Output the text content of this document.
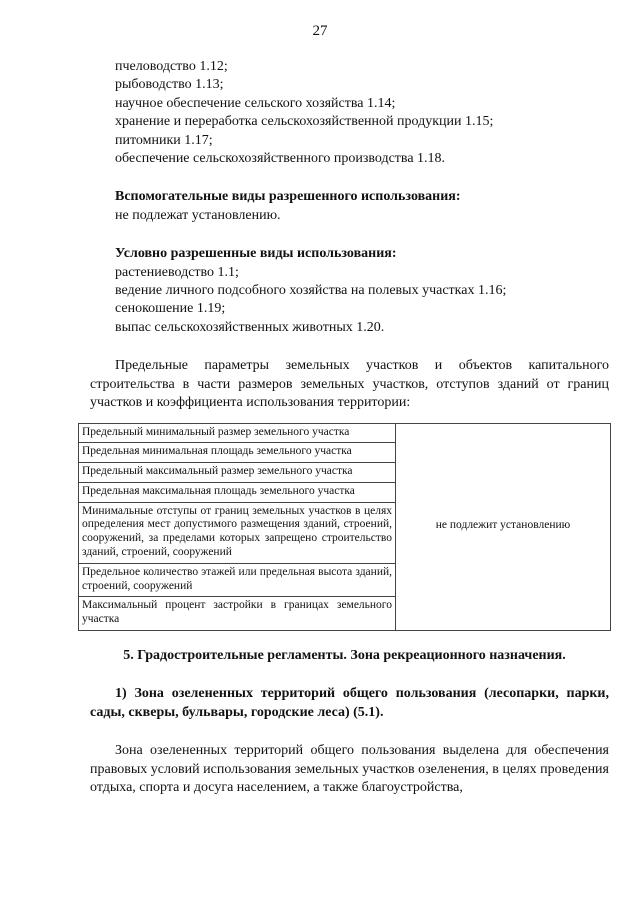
27
пчеловодство 1.12;
рыбоводство 1.13;
научное обеспечение сельского хозяйства 1.14;
хранение и переработка сельскохозяйственной продукции 1.15;
питомники 1.17;
обеспечение сельскохозяйственного производства 1.18.
Вспомогательные виды разрешенного использования:
не подлежат установлению.
Условно разрешенные виды использования:
растениеводство 1.1;
ведение личного подсобного хозяйства на полевых участках 1.16;
сенокошение 1.19;
выпас сельскохозяйственных животных 1.20.
Предельные параметры земельных участков и объектов капитального строительства в части размеров земельных участков, отступов зданий от границ участков и коэффициента использования территории:
Предельный минимальный размер земельного участка	не подлежит установлению
Предельная минимальная площадь земельного участка
Предельный максимальный размер земельного участка
Предельная максимальная площадь земельного участка
Минимальные отступы от границ земельных участков в целях определения мест допустимого размещения зданий, строений, сооружений, за пределами которых запрещено строительство зданий, строений, сооружений
Предельное количество этажей или предельная высота зданий, строений, сооружений
Максимальный процент застройки в границах земельного участка
5. Градостроительные регламенты. Зона рекреационного назначения.
1) Зона озелененных территорий общего пользования (лесопарки, парки, сады, скверы, бульвары, городские леса) (5.1).
Зона озелененных территорий общего пользования выделена для обеспечения правовых условий использования земельных участков озеленения, в целях проведения отдыха, спорта и досуга населением, а также благоустройства,
